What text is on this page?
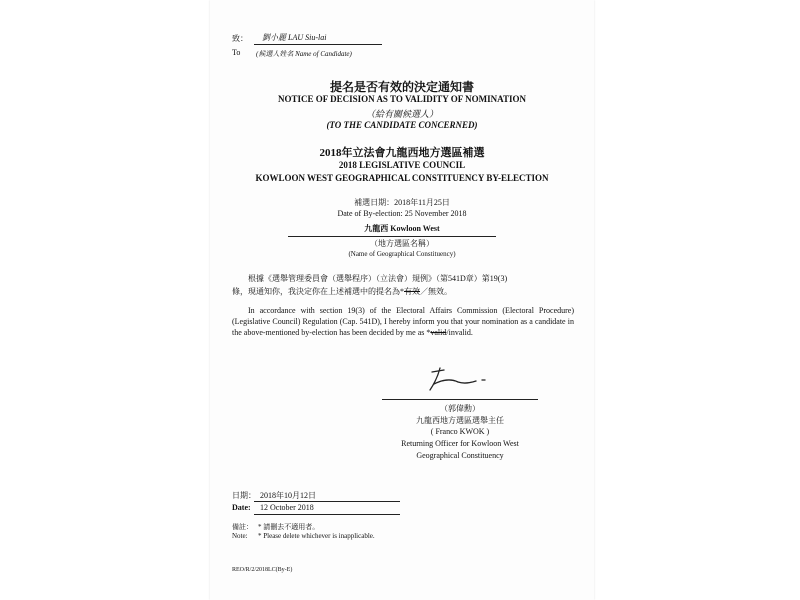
致： 劉小麗 LAU Siu-lai
To (候選人姓名 Name of Candidate)
提名是否有效的決定通知書
NOTICE OF DECISION AS TO VALIDITY OF NOMINATION
（給有關候選人）
(TO THE CANDIDATE CONCERNED)
2018年立法會九龍西地方選區補選
2018 LEGISLATIVE COUNCIL
KOWLOON WEST GEOGRAPHICAL CONSTITUENCY BY-ELECTION
補選日期：2018年11月25日
Date of By-election: 25 November 2018
九龍西 Kowloon West
（地方選區名稱）
(Name of Geographical Constituency)
根據《選舉管理委員會（選舉程序）（立法會）規例》（第541D章）第19(3)
條，現通知你，我決定你在上述補選中的提名為*有效／無效。
In accordance with section 19(3) of the Electoral Affairs Commission (Electoral Procedure) (Legislative Council) Regulation (Cap. 541D), I hereby inform you that your nomination as a candidate in the above-mentioned by-election has been decided by me as *valid/invalid.
（郭偉勳）
九龍西地方選區選舉主任
( Franco KWOK )
Returning Officer for Kowloon West
Geographical Constituency
日期： 2018年10月12日
Date: 12 October 2018
備註： * 請刪去不適用者。
Note: * Please delete whichever is inapplicable.
REO/R/2/2018LC(By-E)
